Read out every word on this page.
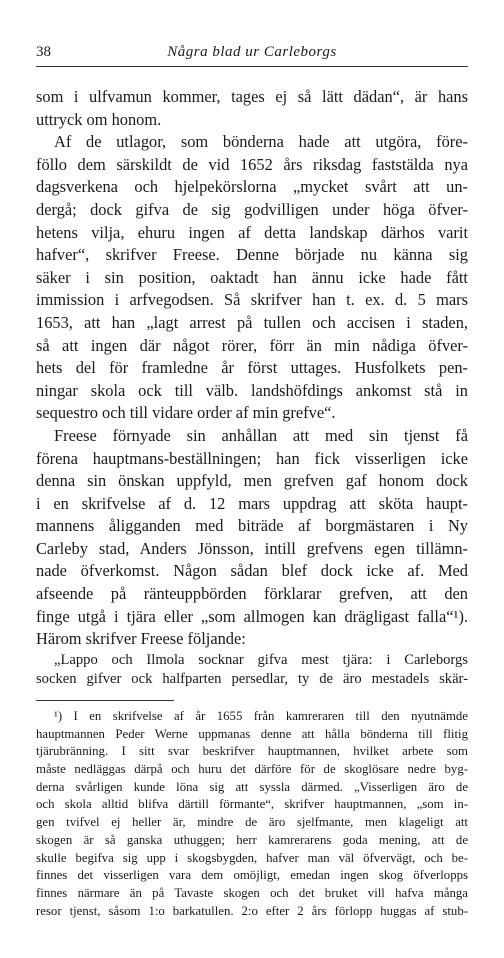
38	Några blad ur Carleborgs
som i ulfvamun kommer, tages ej så lätt dädan“, är hans
uttryck om honom.
Af de utlagor, som bönderna hade att utgöra, före-
föllo dem särskildt de vid 1652 års riksdag faststälda nya
dagsverkena och hjelpekörslorna „mycket svårt att un-
dergå; dock gifva de sig godvilligen under höga öfver-
hetens vilja, ehuru ingen af detta landskap därhos varit
hafver“, skrifver Freese. Denne började nu känna sig
säker i sin position, oaktadt han ännu icke hade fått
immission i arfvegodsen. Så skrifver han t. ex. d. 5 mars
1653, att han „lagt arrest på tullen och accisen i staden,
så att ingen där något rörer, förr än min nådiga öfver-
hets del för framledne år först uttages. Husfolkets pen-
ningar skola ock till välb. landshöfdings ankomst stå in
sequestro och till vidare order af min grefve“.
Freese förnyade sin anhållan att med sin tjenst få
förena hauptmans-beställningen; han fick visserligen icke
denna sin önskan uppfyld, men grefven gaf honom dock
i en skrifvelse af d. 12 mars uppdrag att sköta haupt-
mannens åligganden med biträde af borgmästaren i Ny
Carleby stad, Anders Jönsson, intill grefvens egen tillämn-
nade öfverkomst. Någon sådan blef dock icke af. Med
afseende på ränteuppbörden förklarar grefven, att den
finge utgå i tjära eller „som allmogen kan drägligast falla“¹).
Härom skrifver Freese följande:
„Lappo och Ilmola socknar gifva mest tjära: i Carleborgs
socken gifver ock halfparten persedlar, ty de äro mestadels skär-
¹) I en skrifvelse af år 1655 från kamreraren till den nyutnämde
hauptmannen Peder Werne uppmanas denne att hålla bönderna till flitig
tjärubränning. I sitt svar beskrifver hauptmannen, hvilket arbete som
måste nedläggas därpå och huru det därföre för de skoglösare nedre byg-
derna svårligen kunde löna sig att syssla därmed. „Visserligen äro de
och skola alltid blifva därtill förmante“, skrifver hauptmannen, „som in-
gen tvifvel ej heller är, mindre de äro sjelfmante, men klageligt att
skogen är så ganska uthuggen; herr kamrerarens goda mening, att de
skulle begifva sig upp i skogsbygden, hafver man väl öfvervägt, och be-
finnes det visserligen vara dem omöjligt, emedan ingen skog öfverlopps
finnes närmare än på Tavaste skogen och det bruket vill hafva många
resor tjenst, såsom 1:o barkatullen. 2:o efter 2 års förlopp huggas af stub-
